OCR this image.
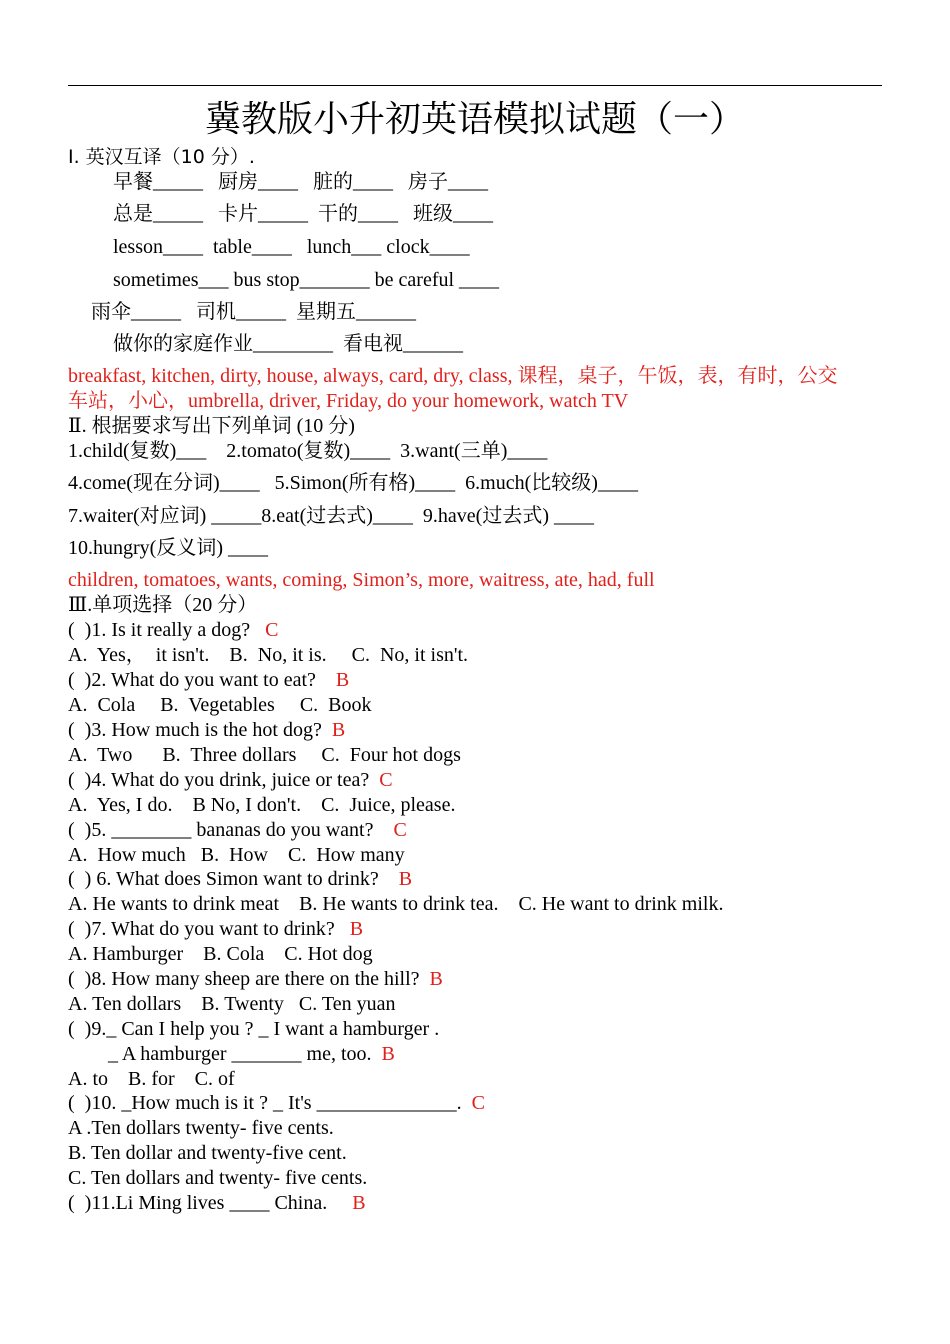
冀教版小升初英语模拟试题（一）
I. 英汉互译（10 分）.
早餐_____   厨房____   脏的____   房子____
总是_____   卡片_____  干的____   班级____
lesson____  table____   lunch___ clock____
sometimes___ bus stop_______ be careful ____
雨伞_____   司机_____  星期五______
做你的家庭作业________  看电视______
breakfast, kitchen, dirty, house, always, card, dry, class, 课程，桌子，午饭，表，有时，公交
车站，小心，umbrella, driver, Friday, do your homework, watch TV
Ⅱ. 根据要求写出下列单词 (10 分)
1.child(复数)___    2.tomato(复数)____  3.want(三单)____
4.come(现在分词)____   5.Simon(所有格)____  6.much(比较级)____
7.waiter(对应词) _____8.eat(过去式)____  9.have(过去式) ____
10.hungry(反义词) ____
children, tomatoes, wants, coming, Simon’s, more, waitress, ate, had, full
Ⅲ.单项选择（20 分）
(  )1. Is it really a dog?   C
A.  Yes，  it isn't.    B.  No, it is.     C.  No, it isn't.
(  )2. What do you want to eat?    B
A.  Cola     B.  Vegetables     C.  Book
(  )3. How much is the hot dog?  B
A.  Two      B.  Three dollars     C.  Four hot dogs
(  )4. What do you drink, juice or tea?  C
A.  Yes, I do.    B No, I don't.    C.  Juice, please.
(  )5. ________ bananas do you want?    C
A.  How much   B.  How    C.  How many
(  ) 6. What does Simon want to drink?    B
A. He wants to drink meat    B. He wants to drink tea.    C. He want to drink milk.
(  )7. What do you want to drink?   B
A. Hamburger    B. Cola    C. Hot dog
(  )8. How many sheep are there on the hill?  B
A. Ten dollars    B. Twenty   C. Ten yuan
(  )9._ Can I help you ? _ I want a hamburger .
_ A hamburger _______ me, too.  B
A. to    B. for    C. of
(  )10. _How much is it ? _ It's ______________.  C
A .Ten dollars twenty- five cents.
B. Ten dollar and twenty-five cent.
C. Ten dollars and twenty- five cents.
(  )11.Li Ming lives ____ China.     B
